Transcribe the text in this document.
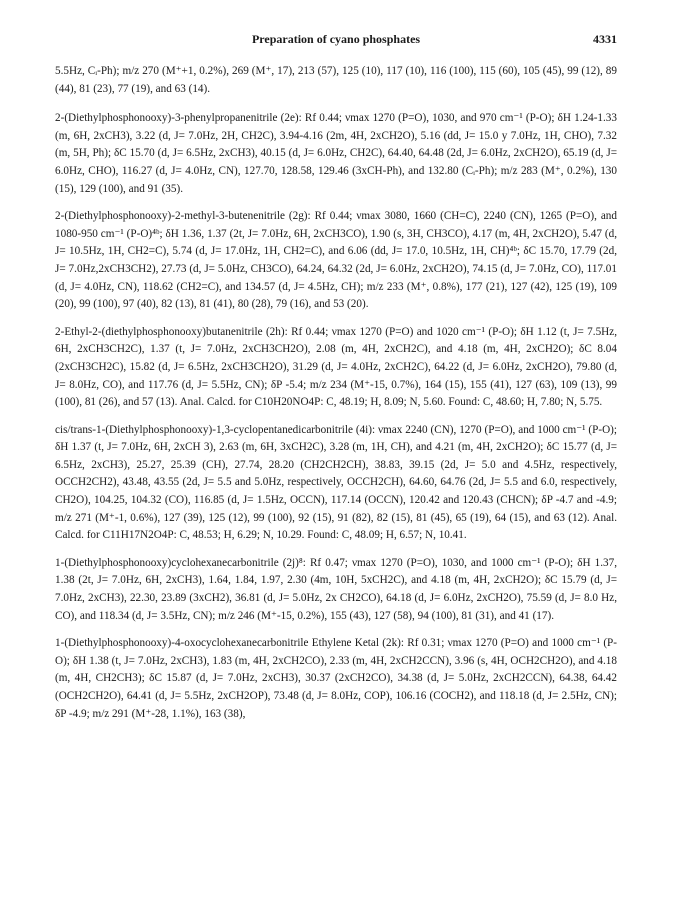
Preparation of cyano phosphates	4331

5.5Hz, Cᵢ-Ph); m/z 270 (M⁺+1, 0.2%), 269 (M⁺, 17), 213 (57), 125 (10), 117 (10), 116 (100), 115 (60), 105 (45), 99 (12), 89 (44), 81 (23), 77 (19), and 63 (14).

2-(Diethylphosphonooxy)-3-phenylpropanenitrile (2e): Rf 0.44; νmax 1270 (P=O), 1030, and 970 cm⁻¹ (P-O); δH 1.24-1.33 (m, 6H, 2xCH3), 3.22 (d, J= 7.0Hz, 2H, CH2C), 3.94-4.16 (2m, 4H, 2xCH2O), 5.16 (dd, J= 15.0 y 7.0Hz, 1H, CHO), 7.32 (m, 5H, Ph); δC 15.70 (d, J= 6.5Hz, 2xCH3), 40.15 (d, J= 6.0Hz, CH2C), 64.40, 64.48 (2d, J= 6.0Hz, 2xCH2O), 65.19 (d, J= 6.0Hz, CHO), 116.27 (d, J= 4.0Hz, CN), 127.70, 128.58, 129.46 (3xCH-Ph), and 132.80 (Cᵢ-Ph); m/z 283 (M⁺, 0.2%), 130 (15), 129 (100), and 91 (35).

2-(Diethylphosphonooxy)-2-methyl-3-butenenitrile (2g): Rf 0.44; νmax 3080, 1660 (CH=C), 2240 (CN), 1265 (P=O), and 1080-950 cm⁻¹ (P-O)⁴ᵇ; δH 1.36, 1.37 (2t, J= 7.0Hz, 6H, 2xCH3CO), 1.90 (s, 3H, CH3CO), 4.17 (m, 4H, 2xCH2O), 5.47 (d, J= 10.5Hz, 1H, CH2=C), 5.74 (d, J= 17.0Hz, 1H, CH2=C), and 6.06 (dd, J= 17.0, 10.5Hz, 1H, CH)⁴ᵇ; δC 15.70, 17.79 (2d, J= 7.0Hz,2xCH3CH2), 27.73 (d, J= 5.0Hz, CH3CO), 64.24, 64.32 (2d, J= 6.0Hz, 2xCH2O), 74.15 (d, J= 7.0Hz, CO), 117.01 (d, J= 4.0Hz, CN), 118.62 (CH2=C), and 134.57 (d, J= 4.5Hz, CH); m/z 233 (M⁺, 0.8%), 177 (21), 127 (42), 125 (19), 109 (20), 99 (100), 97 (40), 82 (13), 81 (41), 80 (28), 79 (16), and 53 (20).

2-Ethyl-2-(diethylphosphonooxy)butanenitrile (2h): Rf 0.44; νmax 1270 (P=O) and 1020 cm⁻¹ (P-O); δH 1.12 (t, J= 7.5Hz, 6H, 2xCH3CH2C), 1.37 (t, J= 7.0Hz, 2xCH3CH2O), 2.08 (m, 4H, 2xCH2C), and 4.18 (m, 4H, 2xCH2O); δC 8.04 (2xCH3CH2C), 15.82 (d, J= 6.5Hz, 2xCH3CH2O), 31.29 (d, J= 4.0Hz, 2xCH2C), 64.22 (d, J= 6.0Hz, 2xCH2O), 79.80 (d, J= 8.0Hz, CO), and 117.76 (d, J= 5.5Hz, CN); δP -5.4; m/z 234 (M⁺-15, 0.7%), 164 (15), 155 (41), 127 (63), 109 (13), 99 (100), 81 (26), and 57 (13). Anal. Calcd. for C10H20NO4P: C, 48.19; H, 8.09; N, 5.60. Found: C, 48.60; H, 7.80; N, 5.75.

cis/trans-1-(Diethylphosphonooxy)-1,3-cyclopentanedicarbonitrile (4i): νmax 2240 (CN), 1270 (P=O), and 1000 cm⁻¹ (P-O); δH 1.37 (t, J= 7.0Hz, 6H, 2xCH 3), 2.63 (m, 6H, 3xCH2C), 3.28 (m, 1H, CH), and 4.21 (m, 4H, 2xCH2O); δC 15.77 (d, J= 6.5Hz, 2xCH3), 25.27, 25.39 (CH), 27.74, 28.20 (CH2CH2CH), 38.83, 39.15 (2d, J= 5.0 and 4.5Hz, respectively, OCCH2CH2), 43.48, 43.55 (2d, J= 5.5 and 5.0Hz, respectively, OCCH2CH), 64.60, 64.76 (2d, J= 5.5 and 6.0, respectively, CH2O), 104.25, 104.32 (CO), 116.85 (d, J= 1.5Hz, OCCN), 117.14 (OCCN), 120.42 and 120.43 (CHCN); δP -4.7 and -4.9; m/z 271 (M⁺-1, 0.6%), 127 (39), 125 (12), 99 (100), 92 (15), 91 (82), 82 (15), 81 (45), 65 (19), 64 (15), and 63 (12). Anal. Calcd. for C11H17N2O4P: C, 48.53; H, 6.29; N, 10.29. Found: C, 48.09; H, 6.57; N, 10.41.

1-(Diethylphosphonooxy)cyclohexanecarbonitrile (2j)⁸: Rf 0.47; νmax 1270 (P=O), 1030, and 1000 cm⁻¹ (P-O); δH 1.37, 1.38 (2t, J= 7.0Hz, 6H, 2xCH3), 1.64, 1.84, 1.97, 2.30 (4m, 10H, 5xCH2C), and 4.18 (m, 4H, 2xCH2O); δC 15.79 (d, J= 7.0Hz, 2xCH3), 22.30, 23.89 (3xCH2), 36.81 (d, J= 5.0Hz, 2x CH2CO), 64.18 (d, J= 6.0Hz, 2xCH2O), 75.59 (d, J= 8.0 Hz, CO), and 118.34 (d, J= 3.5Hz, CN); m/z 246 (M⁺-15, 0.2%), 155 (43), 127 (58), 94 (100), 81 (31), and 41 (17).

1-(Diethylphosphonooxy)-4-oxocyclohexanecarbonitrile Ethylene Ketal (2k): Rf 0.31; νmax 1270 (P=O) and 1000 cm⁻¹ (P-O); δH 1.38 (t, J= 7.0Hz, 2xCH3), 1.83 (m, 4H, 2xCH2CO), 2.33 (m, 4H, 2xCH2CCN), 3.96 (s, 4H, OCH2CH2O), and 4.18 (m, 4H, CH2CH3); δC 15.87 (d, J= 7.0Hz, 2xCH3), 30.37 (2xCH2CO), 34.38 (d, J= 5.0Hz, 2xCH2CCN), 64.38, 64.42 (OCH2CH2O), 64.41 (d, J= 5.5Hz, 2xCH2OP), 73.48 (d, J= 8.0Hz, COP), 106.16 (COCH2), and 118.18 (d, J= 2.5Hz, CN); δP -4.9; m/z 291 (M⁺-28, 1.1%), 163 (38),
